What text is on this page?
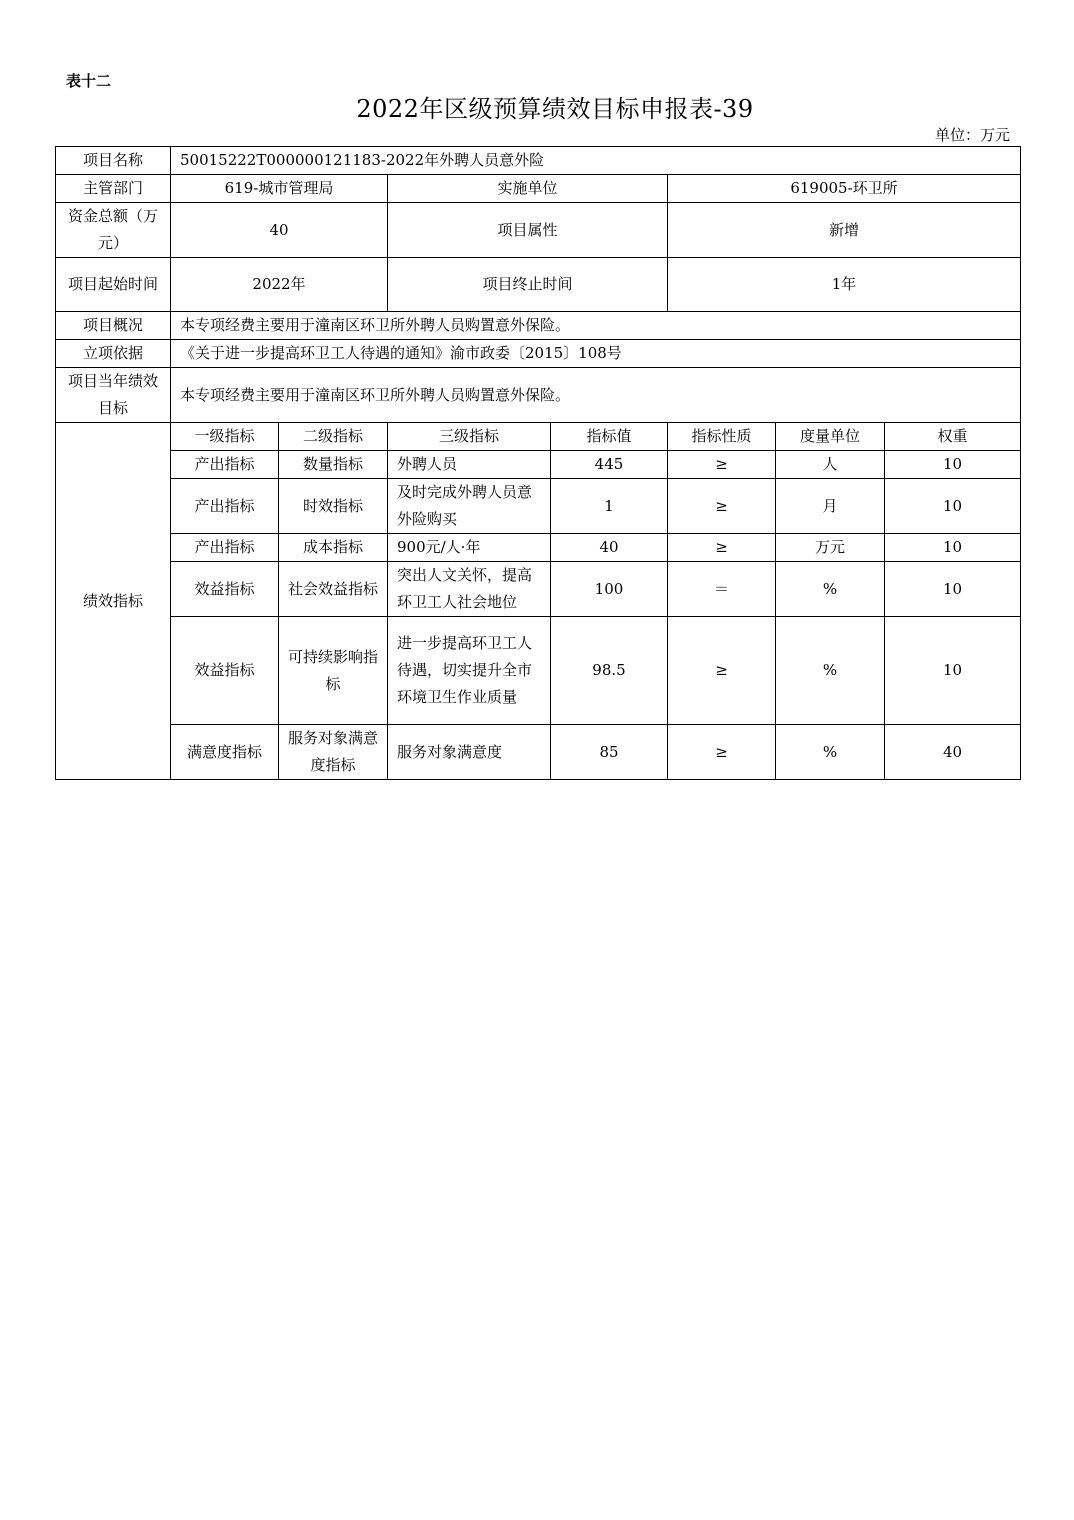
表十二
2022年区级预算绩效目标申报表-39
单位：万元
项目名称	50015222T000000121183-2022年外聘人员意外险						
主管部门	619-城市管理局		实施单位		619005-环卫所		
资金总额（万元）	40		项目属性		新增		
项目起始时间	2022年		项目终止时间		1年		
项目概况	本专项经费主要用于潼南区环卫所外聘人员购置意外保险。						
立项依据	《关于进一步提高环卫工人待遇的通知》渝市政委〔2015〕108号						
项目当年绩效目标	本专项经费主要用于潼南区环卫所外聘人员购置意外保险。						
绩效指标	一级指标	二级指标	三级指标	指标值	指标性质	度量单位	权重
	产出指标	数量指标	外聘人员	445	≥	人	10
	产出指标	时效指标	及时完成外聘人员意外险购买	1	≥	月	10
	产出指标	成本指标	900元/人·年	40	≥	万元	10
	效益指标	社会效益指标	突出人文关怀，提高环卫工人社会地位	100	＝	%	10
	效益指标	可持续影响指标	进一步提高环卫工人待遇，切实提升全市环境卫生作业质量	98.5	≥	%	10
	满意度指标	服务对象满意度指标	服务对象满意度	85	≥	%	40
